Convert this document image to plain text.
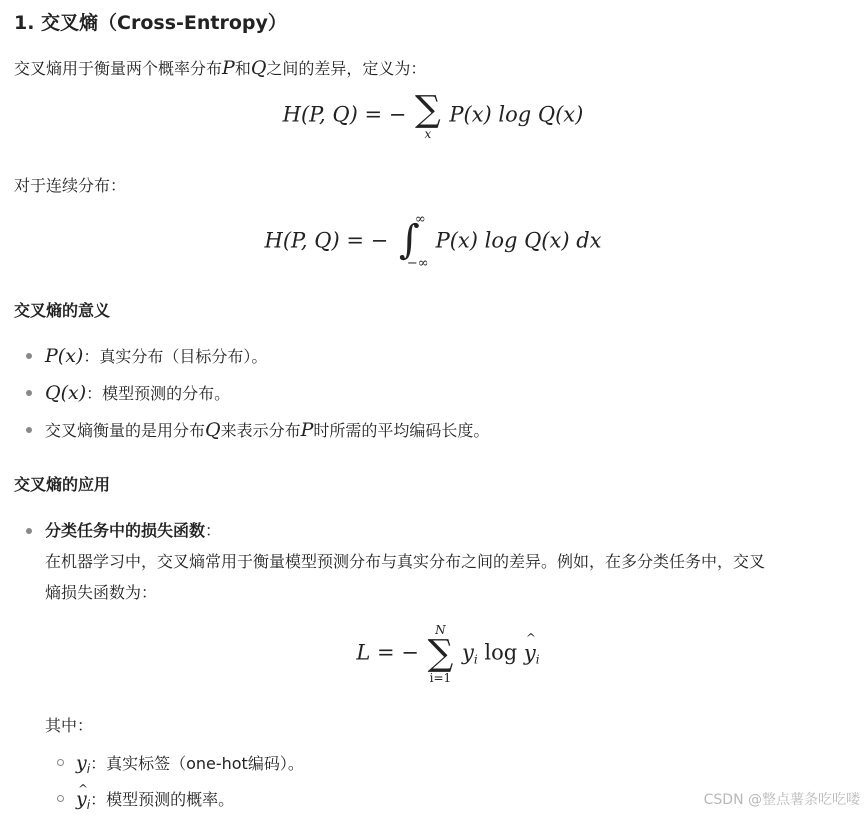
1. 交叉熵（Cross-Entropy）
交叉熵用于衡量两个概率分布P和Q之间的差异，定义为：
H(P, Q) = − ∑
x
P(x) log Q(x)
对于连续分布：
H(P, Q) = − ∫
∞
−∞
P(x) log Q(x) dx
交叉熵的意义
P(x)：真实分布（目标分布）。
Q(x)：模型预测的分布。
交叉熵衡量的是用分布Q来表示分布P时所需的平均编码长度。
交叉熵的应用
分类任务中的损失函数：
在机器学习中，交叉熵常用于衡量模型预测分布与真实分布之间的差异。例如，在多分类任务中，交叉
熵损失函数为：
L = −
N
∑
i=1
$y_i$ log ^ $y_i$
其中：
$y_i$：真实标签（one-hot编码）。
^ $y_i$：模型预测的概率。	CSDN @整点薯条吃吃喽
